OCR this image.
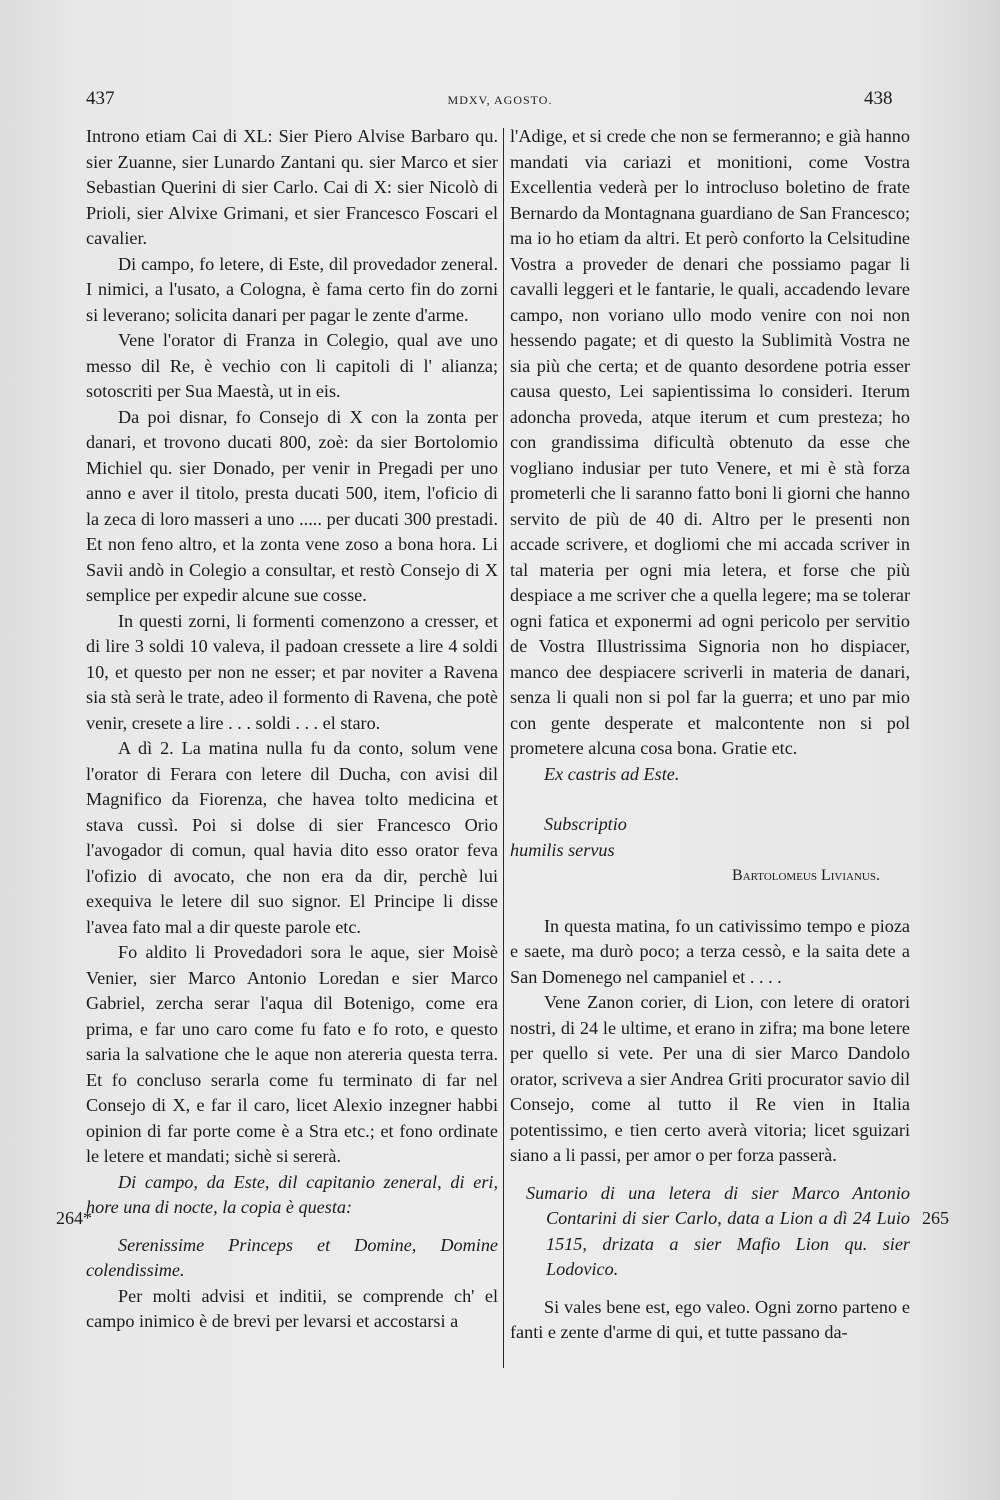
437	MDXV, AGOSTO.	438
264*	265

Introno etiam Cai di XL: Sier Piero Alvise Barbaro qu. sier Zuanne, sier Lunardo Zantani qu. sier Marco et sier Sebastian Querini di sier Carlo. Cai di X: sier Nicolò di Prioli, sier Alvixe Grimani, et sier Francesco Foscari el cavalier.

Di campo, fo letere, di Este, dil provedador zeneral. I nimici, a l'usato, a Cologna, è fama certo fin do zorni si leverano; solicita danari per pagar le zente d'arme.

Vene l'orator di Franza in Colegio, qual ave uno messo dil Re, è vechio con li capitoli di l' alianza; sotoscriti per Sua Maestà, ut in eis.

Da poi disnar, fo Consejo di X con la zonta per danari, et trovono ducati 800, zoè: da sier Bortolomio Michiel qu. sier Donado, per venir in Pregadi per uno anno e aver il titolo, presta ducati 500, item, l'oficio di la zeca di loro masseri a uno ..... per ducati 300 prestadi. Et non feno altro, et la zonta vene zoso a bona hora. Li Savii andò in Colegio a consultar, et restò Consejo di X semplice per expedir alcune sue cosse.

In questi zorni, li formenti comenzono a cresser, et di lire 3 soldi 10 valeva, il padoan cressete a lire 4 soldi 10, et questo per non ne esser; et par noviter a Ravena sia stà serà le trate, adeo il formento di Ravena, che potè venir, cresete a lire . . . soldi . . . el staro.

A dì 2. La matina nulla fu da conto, solum vene l'orator di Ferara con letere dil Ducha, con avisi dil Magnifico da Fiorenza, che havea tolto medicina et stava cussì. Poi si dolse di sier Francesco Orio l'avogador di comun, qual havia dito esso orator feva l'ofizio di avocato, che non era da dir, perchè lui exequiva le letere dil suo signor. El Principe li disse l'avea fato mal a dir queste parole etc.

Fo aldito li Provedadori sora le aque, sier Moisè Venier, sier Marco Antonio Loredan e sier Marco Gabriel, zercha serar l'aqua dil Botenigo, come era prima, e far uno caro come fu fato e fo roto, e questo saria la salvatione che le aque non atereria questa terra. Et fo concluso serarla come fu terminato di far nel Consejo di X, e far il caro, licet Alexio inzegner habbi opinion di far porte come è a Stra etc.; et fono ordinate le letere et mandati; sichè si sererà.

Di campo, da Este, dil capitanio zeneral, di eri, hore una di nocte, la copia è questa:

Serenissime Princeps et Domine, Domine colendissime.

Per molti advisi et inditii, se comprende ch' el campo inimico è de brevi per levarsi et accostarsi a

l'Adige, et si crede che non se fermeranno; e già hanno mandati via cariazi et monitioni, come Vostra Excellentia vederà per lo introcluso boletino de frate Bernardo da Montagnana guardiano de San Francesco; ma io ho etiam da altri. Et però conforto la Celsitudine Vostra a proveder de denari che possiamo pagar li cavalli leggeri et le fantarie, le quali, accadendo levare campo, non voriano ullo modo venire con noi non hessendo pagate; et di questo la Sublimità Vostra ne sia più che certa; et de quanto desordene potria esser causa questo, Lei sapientissima lo consideri. Iterum adoncha proveda, atque iterum et cum presteza; ho con grandissima dificultà obtenuto da esse che vogliano indusiar per tuto Venere, et mi è stà forza prometerli che li saranno fatto boni li giorni che hanno servito de più de 40 di. Altro per le presenti non accade scrivere, et dogliomi che mi accada scriver in tal materia per ogni mia letera, et forse che più despiace a me scriver che a quella legere; ma se tolerar ogni fatica et exponermi ad ogni pericolo per servitio de Vostra Illustrissima Signoria non ho dispiacer, manco dee despiacere scriverli in materia de danari, senza li quali non si pol far la guerra; et uno par mio con gente desperate et malcontente non si pol prometere alcuna cosa bona. Gratie etc.

Ex castris ad Este.

Subscriptio

humilis servus

Bartolomeus Livianus.

In questa matina, fo un cativissimo tempo e pioza e saete, ma durò poco; a terza cessò, e la saita dete a San Domenego nel campaniel et . . . .

Vene Zanon corier, di Lion, con letere di oratori nostri, di 24 le ultime, et erano in zifra; ma bone letere per quello si vete. Per una di sier Marco Dandolo orator, scriveva a sier Andrea Griti procurator savio dil Consejo, come al tutto il Re vien in Italia potentissimo, e tien certo averà vitoria; licet sguizari siano a li passi, per amor o per forza passerà.

Sumario di una letera di sier Marco Antonio Contarini di sier Carlo, data a Lion a dì 24 Luio 1515, drizata a sier Mafio Lion qu. sier Lodovico.

Si vales bene est, ego valeo. Ogni zorno parteno e fanti e zente d'arme di qui, et tutte passano da-
